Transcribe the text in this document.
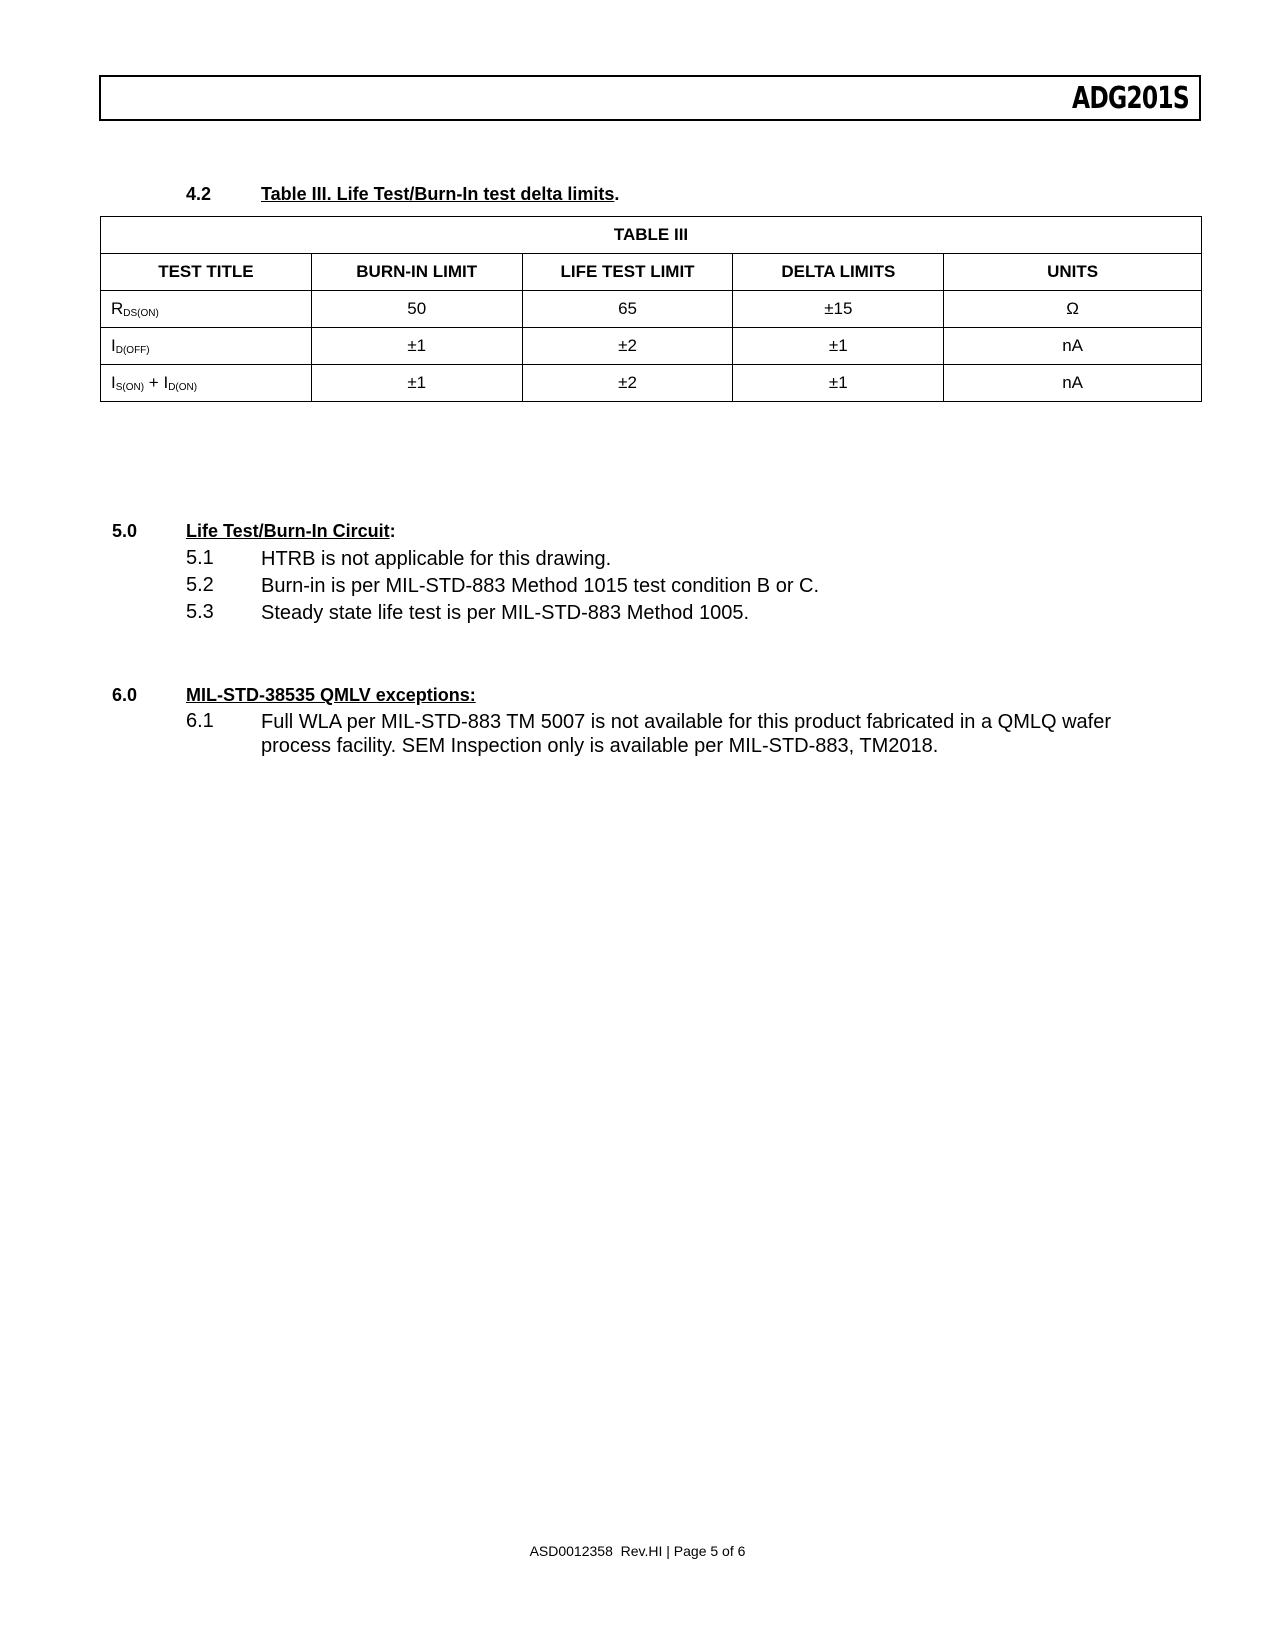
ADG201S
4.2	Table III. Life Test/Burn-In test delta limits.
TABLE III				
TEST TITLE	BURN-IN LIMIT	LIFE TEST LIMIT	DELTA LIMITS	UNITS
$R_{DS(ON)}$	50	65	±15	Ω
$I_{D(OFF)}$	±1	±2	±1	nA
$I_{S(ON)} + I_{D(ON)}$	±1	±2	±1	nA
5.0	Life Test/Burn-In Circuit:
5.1 HTRB is not applicable for this drawing.
5.2 Burn-in is per MIL-STD-883 Method 1015 test condition B or C.
5.3 Steady state life test is per MIL-STD-883 Method 1005.
6.0	MIL-STD-38535 QMLV exceptions:
6.1 Full WLA per MIL-STD-883 TM 5007 is not available for this product fabricated in a QMLQ wafer process facility. SEM Inspection only is available per MIL-STD-883, TM2018.
ASD0012358  Rev.HI | Page 5 of 6
